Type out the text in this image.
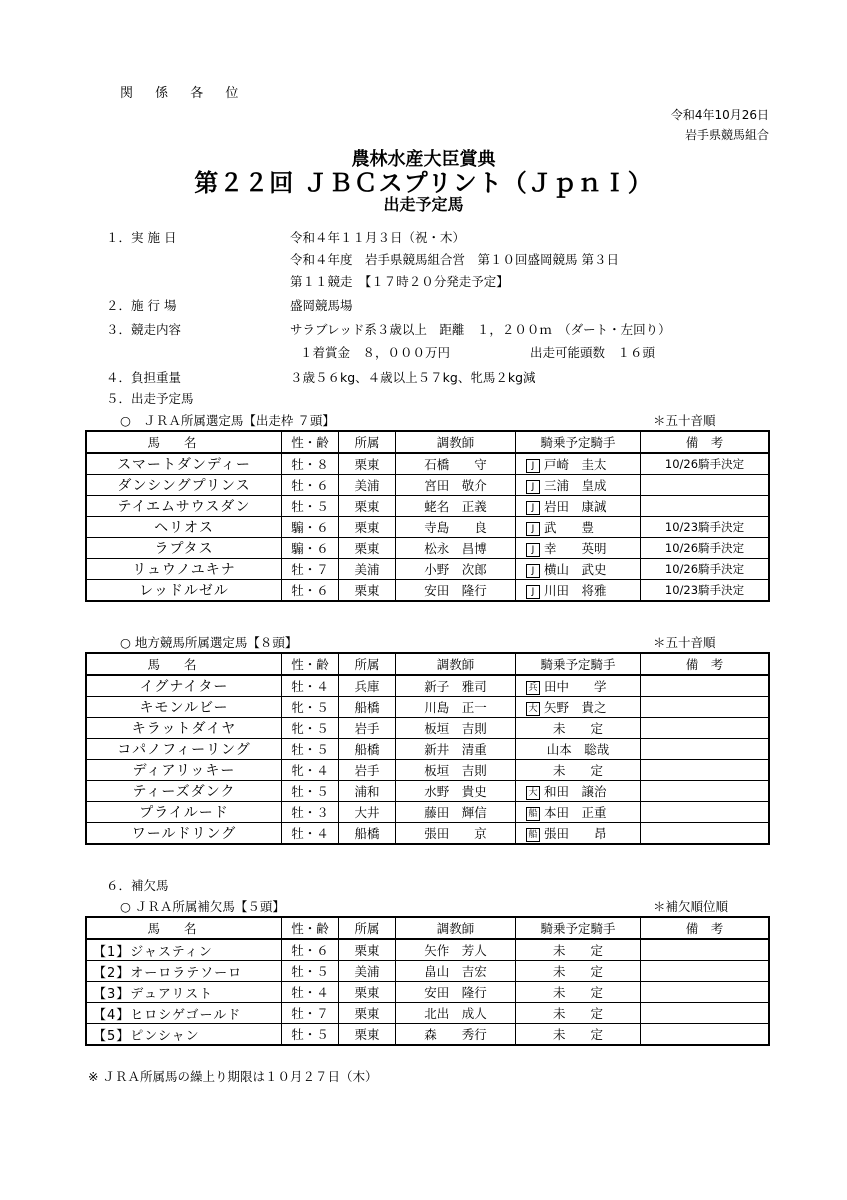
関 係 各 位
令和4年10月26日
岩手県競馬組合
農林水産大臣賞典
第２２回 ＪＢＣスプリント（ＪｐｎＩ）
出走予定馬
１．実 施 日	令和４年１１月３日（祝・木）
令和４年度　岩手県競馬組合営　第１０回盛岡競馬 第３日
第１１競走　【１７時２０分発走予定】
２．施 行 場	盛岡競馬場
３．競走内容	サラブレッド系３歳以上　距離　１，２００ｍ　（ダート・左回り）
１着賞金　８，０００万円	出走可能頭数　１６頭
４．負担重量	３歳５６kg、４歳以上５７kg、牝馬２kg減
５．出走予定馬
○　ＪＲＡ所属選定馬【出走枠 ７頭】	＊五十音順
馬名	性・齢	所属	調教師	騎乗予定騎手	備　考
スマートダンディー	牡・８	栗東	石橋　　守	J 戸崎　圭太	10/26騎手決定
ダンシングプリンス	牡・６	美浦	宮田　敬介	J 三浦　皇成	
テイエムサウスダン	牡・５	栗東	蛯名　正義	J 岩田　康誠	
ヘリオス	騸・６	栗東	寺島　　良	J 武　　豊	10/23騎手決定
ラプタス	騸・６	栗東	松永　昌博	J 幸　　英明	10/26騎手決定
リュウノユキナ	牡・７	美浦	小野　次郎	J 横山　武史	10/26騎手決定
レッドルゼル	牡・６	栗東	安田　隆行	J 川田　将雅	10/23騎手決定
○ 地方競馬所属選定馬【８頭】	＊五十音順
馬名	性・齢	所属	調教師	騎乗予定騎手	備　考
イグナイター	牡・４	兵庫	新子　雅司	兵 田中　　学	
キモンルビー	牝・５	船橋	川島　正一	大 矢野　貴之	
キラットダイヤ	牝・５	岩手	板垣　吉則	未　　定	
コパノフィーリング	牡・５	船橋	新井　清重	山本　聡哉	
ディアリッキー	牝・４	岩手	板垣　吉則	未　　定	
ティーズダンク	牡・５	浦和	水野　貴史	大 和田　譲治	
プライルード	牡・３	大井	藤田　輝信	船 本田　正重	
ワールドリング	牡・４	船橋	張田　　京	船 張田　　昂	
６．補欠馬
○ ＪＲＡ所属補欠馬【５頭】	＊補欠順位順
馬名	性・齢	所属	調教師	騎乗予定騎手	備　考
【1】ジャスティン	牡・６	栗東	矢作　芳人	未　　定	
【2】オーロラテソーロ	牡・５	美浦	畠山　吉宏	未　　定	
【3】デュアリスト	牡・４	栗東	安田　隆行	未　　定	
【4】ヒロシゲゴールド	牡・７	栗東	北出　成人	未　　定	
【5】ピンシャン	牡・５	栗東	森　　秀行	未　　定	
※ ＪＲＡ所属馬の繰上り期限は１０月２７日（木）
